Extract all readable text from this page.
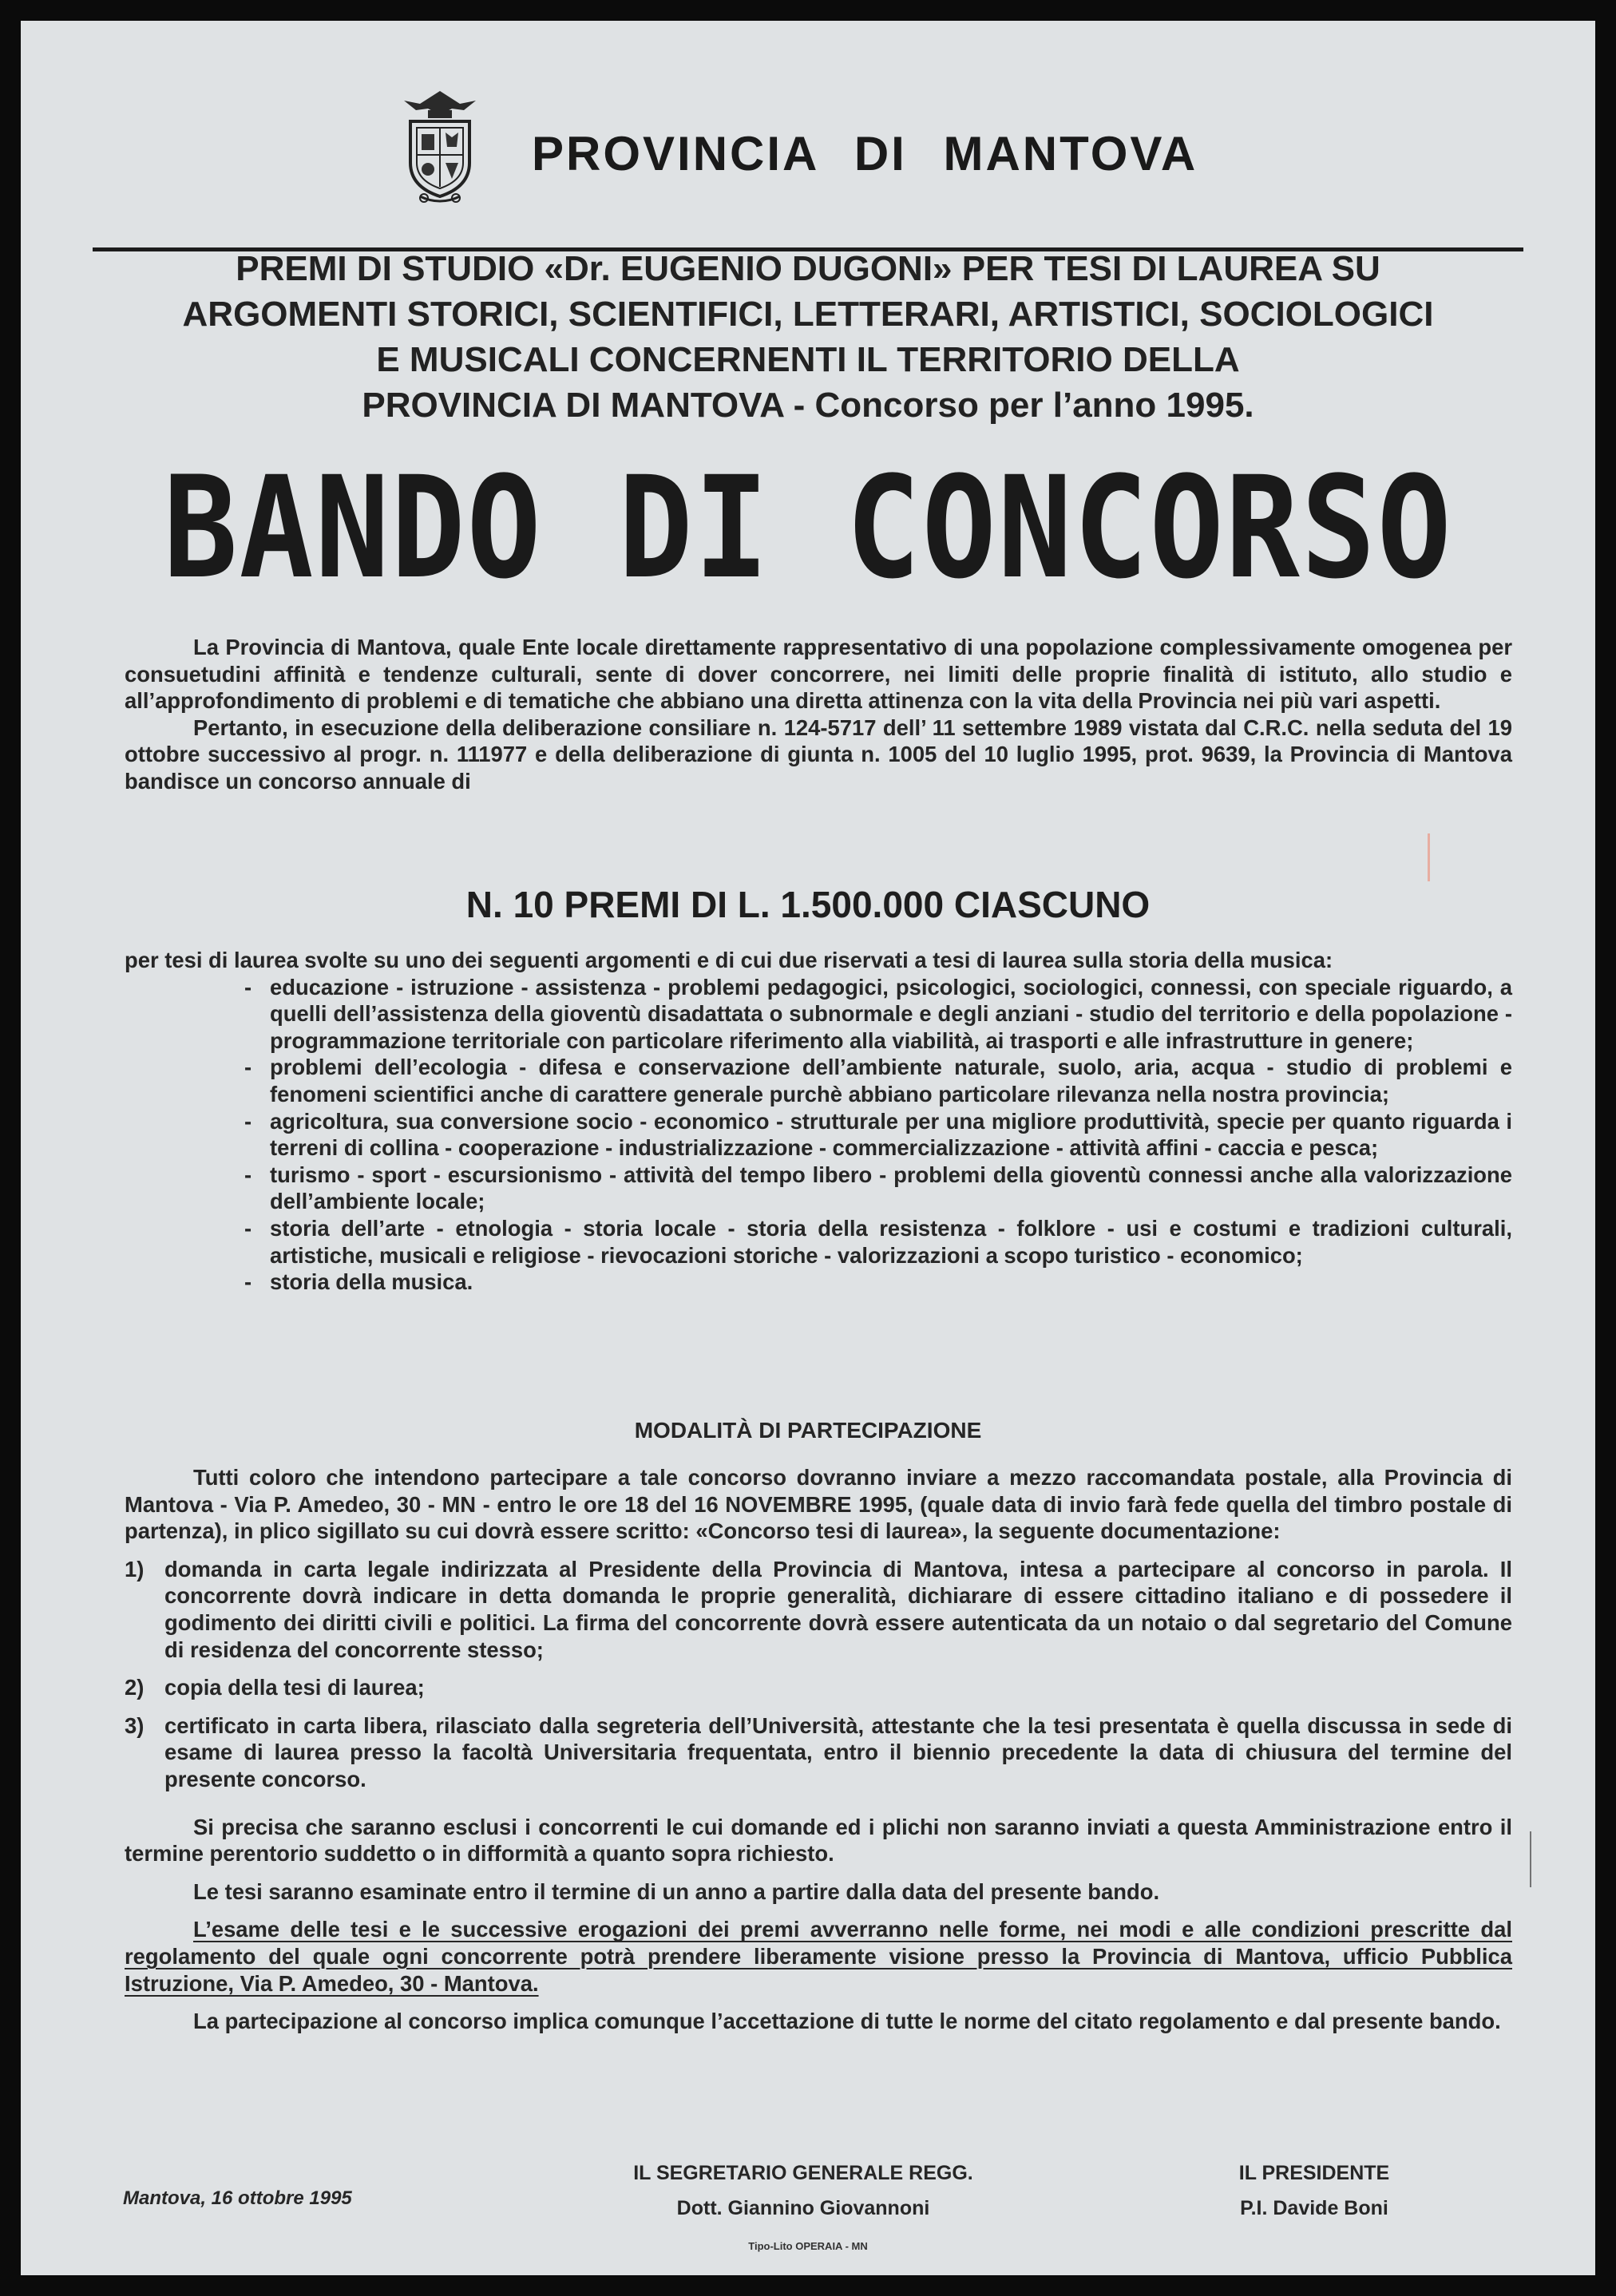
PROVINCIA DI MANTOVA
PREMI DI STUDIO «Dr. EUGENIO DUGONI» PER TESI DI LAUREA SU
ARGOMENTI STORICI, SCIENTIFICI, LETTERARI, ARTISTICI, SOCIOLOGICI
E MUSICALI CONCERNENTI IL TERRITORIO DELLA
PROVINCIA DI MANTOVA - Concorso per l’anno 1995.
BANDO DI CONCORSO

La Provincia di Mantova, quale Ente locale direttamente rappresentativo di una popolazione complessivamente omogenea per consuetudini affinità e tendenze culturali, sente di dover concorrere, nei limiti delle proprie finalità di istituto, allo studio e all’approfondimento di problemi e di tematiche che abbiano una diretta attinenza con la vita della Provincia nei più vari aspetti.

Pertanto, in esecuzione della deliberazione consiliare n. 124-5717 dell’ 11 settembre 1989 vistata dal C.R.C. nella seduta del 19 ottobre successivo al progr. n. 111977 e della deliberazione di giunta n. 1005 del 10 luglio 1995, prot. 9639, la Provincia di Mantova bandisce un concorso annuale di

N. 10 PREMI DI L. 1.500.000 CIASCUNO

per tesi di laurea svolte su uno dei seguenti argomenti e di cui due riservati a tesi di laurea sulla storia della musica:

- educazione - istruzione - assistenza - problemi pedagogici, psicologici, sociologici, connessi, con speciale riguardo, a quelli dell’assistenza della gioventù disadattata o subnormale e degli anziani - studio del territorio e della popolazione - programmazione territoriale con particolare riferimento alla viabilità, ai trasporti e alle infrastrutture in genere;
- problemi dell’ecologia - difesa e conservazione dell’ambiente naturale, suolo, aria, acqua - studio di problemi e fenomeni scientifici anche di carattere generale purchè abbiano particolare rilevanza nella nostra provincia;
- agricoltura, sua conversione socio - economico - strutturale per una migliore produttività, specie per quanto riguarda i terreni di collina - cooperazione - industrializzazione - commercializzazione - attività affini - caccia e pesca;
- turismo - sport - escursionismo - attività del tempo libero - problemi della gioventù connessi anche alla valorizzazione dell’ambiente locale;
- storia dell’arte - etnologia - storia locale - storia della resistenza - folklore - usi e costumi e tradizioni culturali, artistiche, musicali e religiose - rievocazioni storiche - valorizzazioni a scopo turistico - economico;
- storia della musica.
MODALITÀ DI PARTECIPAZIONE

Tutti coloro che intendono partecipare a tale concorso dovranno inviare a mezzo raccomandata postale, alla Provincia di Mantova - Via P. Amedeo, 30 - MN - entro le ore 18 del 16 NOVEMBRE 1995, (quale data di invio farà fede quella del timbro postale di partenza), in plico sigillato su cui dovrà essere scritto: «Concorso tesi di laurea», la seguente documentazione:

1) domanda in carta legale indirizzata al Presidente della Provincia di Mantova, intesa a partecipare al concorso in parola. Il concorrente dovrà indicare in detta domanda le proprie generalità, dichiarare di essere cittadino italiano e di possedere il godimento dei diritti civili e politici. La firma del concorrente dovrà essere autenticata da un notaio o dal segretario del Comune di residenza del concorrente stesso;
2) copia della tesi di laurea;
3) certificato in carta libera, rilasciato dalla segreteria dell’Università, attestante che la tesi presentata è quella discussa in sede di esame di laurea presso la facoltà Universitaria frequentata, entro il biennio precedente la data di chiusura del termine del presente concorso.

Si precisa che saranno esclusi i concorrenti le cui domande ed i plichi non saranno inviati a questa Amministrazione entro il termine perentorio suddetto o in difformità a quanto sopra richiesto.

Le tesi saranno esaminate entro il termine di un anno a partire dalla data del presente bando.

L’esame delle tesi e le successive erogazioni dei premi avverranno nelle forme, nei modi e alle condizioni prescritte dal regolamento del quale ogni concorrente potrà prendere liberamente visione presso la Provincia di Mantova, ufficio Pubblica Istruzione, Via P. Amedeo, 30 - Mantova.

La partecipazione al concorso implica comunque l’accettazione di tutte le norme del citato regolamento e dal presente bando.

Mantova, 16 ottobre 1995
IL SEGRETARIO GENERALE REGG.
Dott. Giannino Giovannoni
IL PRESIDENTE
P.I. Davide Boni
Tipo-Lito OPERAIA - MN
